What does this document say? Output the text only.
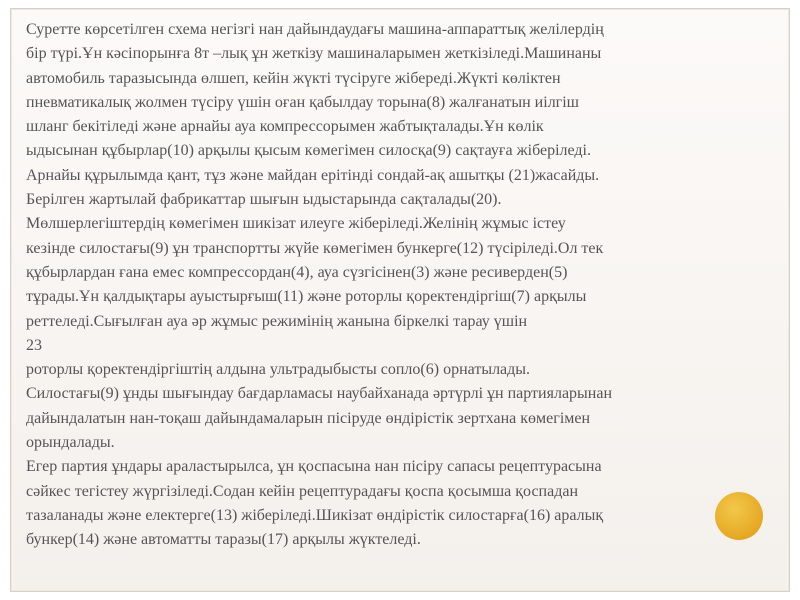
Суретте көрсетілген схема негізгі нан дайындаудағы машина-аппараттық желілердің
бір түрі.Ұн кәсіпорынға 8т –лық ұн жеткізу машиналарымен жеткізіледі.Машинаны
автомобиль таразысында өлшеп, кейін жүкті түсіруге жібереді.Жүкті көліктен
пневматикалық жолмен түсіру үшін оған қабылдау торына(8) жалғанатын иілгіш
шланг бекітіледі және арнайы ауа компрессорымен жабтықталады.Ұн көлік
ыдысынан құбырлар(10) арқылы қысым көмегімен силосқа(9) сақтауға жіберіледі.
Арнайы құрылымда қант, тұз және майдан ерітінді сондай-ақ ашытқы (21)жасайды.
Берілген жартылай фабрикаттар шығын ыдыстарында сақталады(20).
Мөлшерлегіштердің көмегімен шикізат илеуге жіберіледі.Желінің жұмыс істеу
кезінде силостағы(9) ұн транспортты жүйе көмегімен бункерге(12) түсіріледі.Ол тек
құбырлардан ғана емес компрессордан(4), ауа сүзгісінен(3) және ресиверден(5)
тұрады.Ұн қалдықтары ауыстырғыш(11) және роторлы қоректендіргіш(7) арқылы
реттеледі.Сығылған ауа әр жұмыс режимінің жанына біркелкі тарау үшін
23
роторлы қоректендіргіштің алдына ультрадыбысты сопло(6) орнатылады.
Силостағы(9) ұнды шығындау бағдарламасы наубайханада әртүрлі ұн партияларынан
дайындалатын нан-тоқаш дайындамаларын пісіруде өндірістік зертхана көмегімен
орындалады.
Егер партия ұндары араластырылса, ұн қоспасына нан пісіру сапасы рецептурасына
сәйкес тегістеу жүргізіледі.Содан кейін рецептурадағы қоспа қосымша қоспадан
тазаланады және електерге(13) жіберіледі.Шикізат өндірістік силостарға(16) аралық
бункер(14) және автоматты таразы(17) арқылы жүктеледі.
